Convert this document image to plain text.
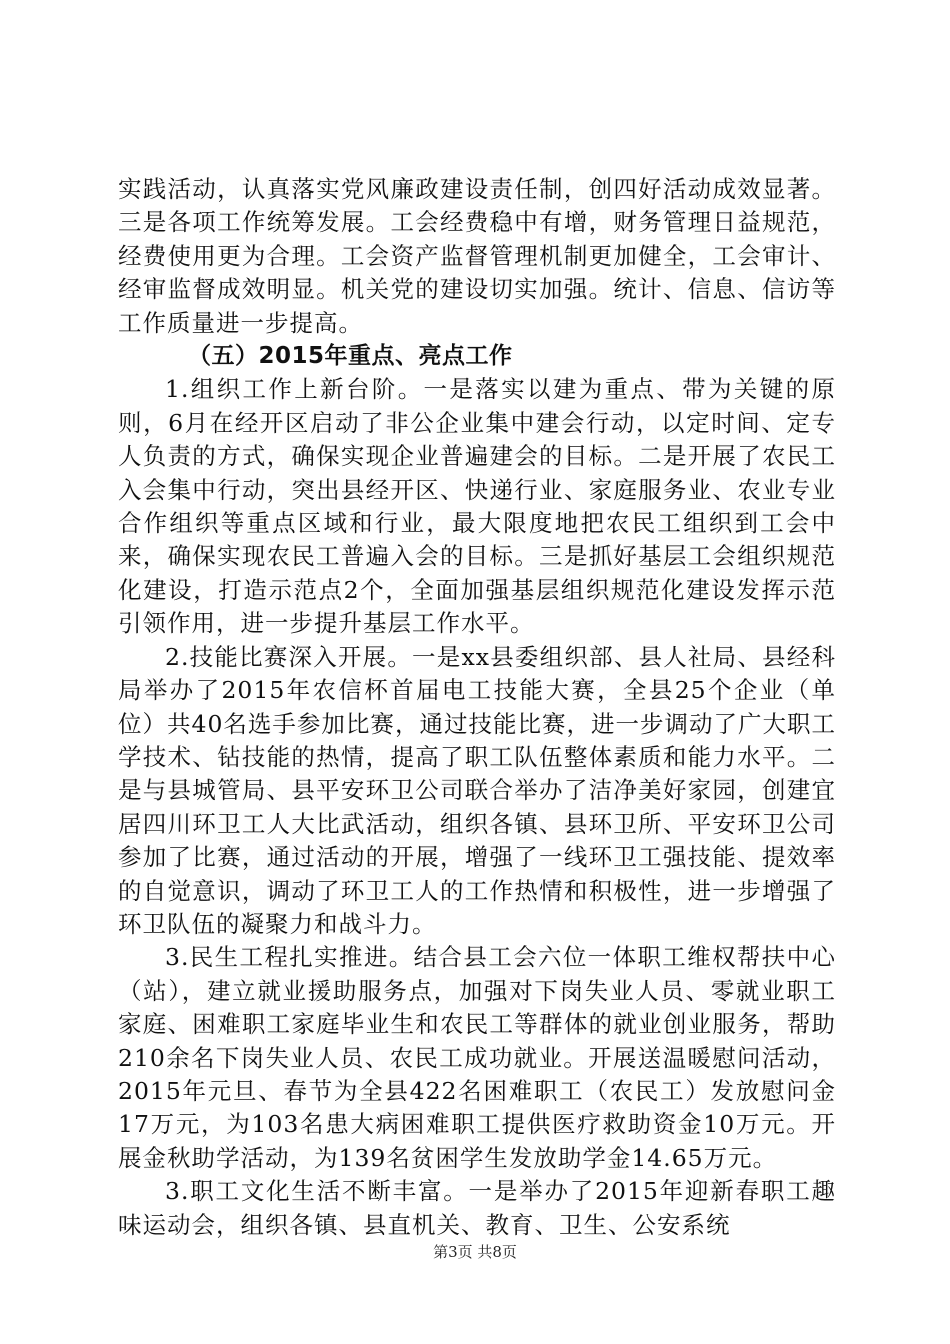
实践活动，认真落实党风廉政建设责任制，创四好活动成效显著。三是各项工作统筹发展。工会经费稳中有增，财务管理日益规范，经费使用更为合理。工会资产监督管理机制更加健全，工会审计、经审监督成效明显。机关党的建设切实加强。统计、信息、信访等工作质量进一步提高。

（五）2015年重点、亮点工作

1.组织工作上新台阶。一是落实以建为重点、带为关键的原则，6月在经开区启动了非公企业集中建会行动，以定时间、定专人负责的方式，确保实现企业普遍建会的目标。二是开展了农民工入会集中行动，突出县经开区、快递行业、家庭服务业、农业专业合作组织等重点区域和行业，最大限度地把农民工组织到工会中来，确保实现农民工普遍入会的目标。三是抓好基层工会组织规范化建设，打造示范点2个，全面加强基层组织规范化建设发挥示范引领作用，进一步提升基层工作水平。

2.技能比赛深入开展。一是xx县委组织部、县人社局、县经科局举办了2015年农信杯首届电工技能大赛，全县25个企业（单位）共40名选手参加比赛，通过技能比赛，进一步调动了广大职工学技术、钻技能的热情，提高了职工队伍整体素质和能力水平。二是与县城管局、县平安环卫公司联合举办了洁净美好家园，创建宜居四川环卫工人大比武活动，组织各镇、县环卫所、平安环卫公司参加了比赛，通过活动的开展，增强了一线环卫工强技能、提效率的自觉意识，调动了环卫工人的工作热情和积极性，进一步增强了环卫队伍的凝聚力和战斗力。

3.民生工程扎实推进。结合县工会六位一体职工维权帮扶中心（站），建立就业援助服务点，加强对下岗失业人员、零就业职工家庭、困难职工家庭毕业生和农民工等群体的就业创业服务，帮助210余名下岗失业人员、农民工成功就业。开展送温暖慰问活动，2015年元旦、春节为全县422名困难职工（农民工）发放慰问金17万元，为103名患大病困难职工提供医疗救助资金10万元。开展金秋助学活动，为139名贫困学生发放助学金14.65万元。

3.职工文化生活不断丰富。一是举办了2015年迎新春职工趣味运动会，组织各镇、县直机关、教育、卫生、公安系统

第3页 共8页
